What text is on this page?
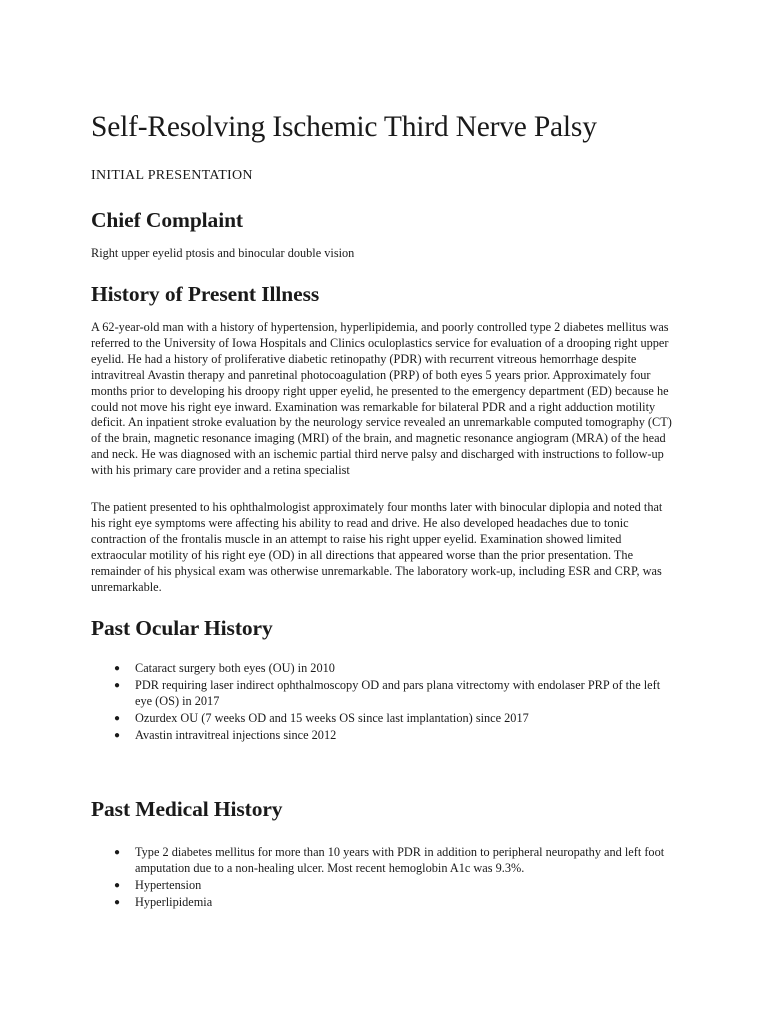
Self-Resolving Ischemic Third Nerve Palsy
INITIAL PRESENTATION
Chief Complaint

Right upper eyelid ptosis and binocular double vision

History of Present Illness

A 62-year-old man with a history of hypertension, hyperlipidemia, and poorly controlled type 2 diabetes mellitus was referred to the University of Iowa Hospitals and Clinics oculoplastics service for evaluation of a drooping right upper eyelid. He had a history of proliferative diabetic retinopathy (PDR) with recurrent vitreous hemorrhage despite intravitreal Avastin therapy and panretinal photocoagulation (PRP) of both eyes 5 years prior. Approximately four months prior to developing his droopy right upper eyelid, he presented to the emergency department (ED) because he could not move his right eye inward. Examination was remarkable for bilateral PDR and a right adduction motility deficit. An inpatient stroke evaluation by the neurology service revealed an unremarkable computed tomography (CT) of the brain, magnetic resonance imaging (MRI) of the brain, and magnetic resonance angiogram (MRA) of the head and neck. He was diagnosed with an ischemic partial third nerve palsy and discharged with instructions to follow-up with his primary care provider and a retina specialist

The patient presented to his ophthalmologist approximately four months later with binocular diplopia and noted that his right eye symptoms were affecting his ability to read and drive. He also developed headaches due to tonic contraction of the frontalis muscle in an attempt to raise his right upper eyelid. Examination showed limited extraocular motility of his right eye (OD) in all directions that appeared worse than the prior presentation. The remainder of his physical exam was otherwise unremarkable. The laboratory work-up, including ESR and CRP, was unremarkable.

Past Ocular History
● Cataract surgery both eyes (OU) in 2010
● PDR requiring laser indirect ophthalmoscopy OD and pars plana vitrectomy with endolaser PRP of the left eye (OS) in 2017
● Ozurdex OU (7 weeks OD and 15 weeks OS since last implantation) since 2017
● Avastin intravitreal injections since 2012
Past Medical History
● Type 2 diabetes mellitus for more than 10 years with PDR in addition to peripheral neuropathy and left foot amputation due to a non-healing ulcer. Most recent hemoglobin A1c was 9.3%.
● Hypertension
● Hyperlipidemia
